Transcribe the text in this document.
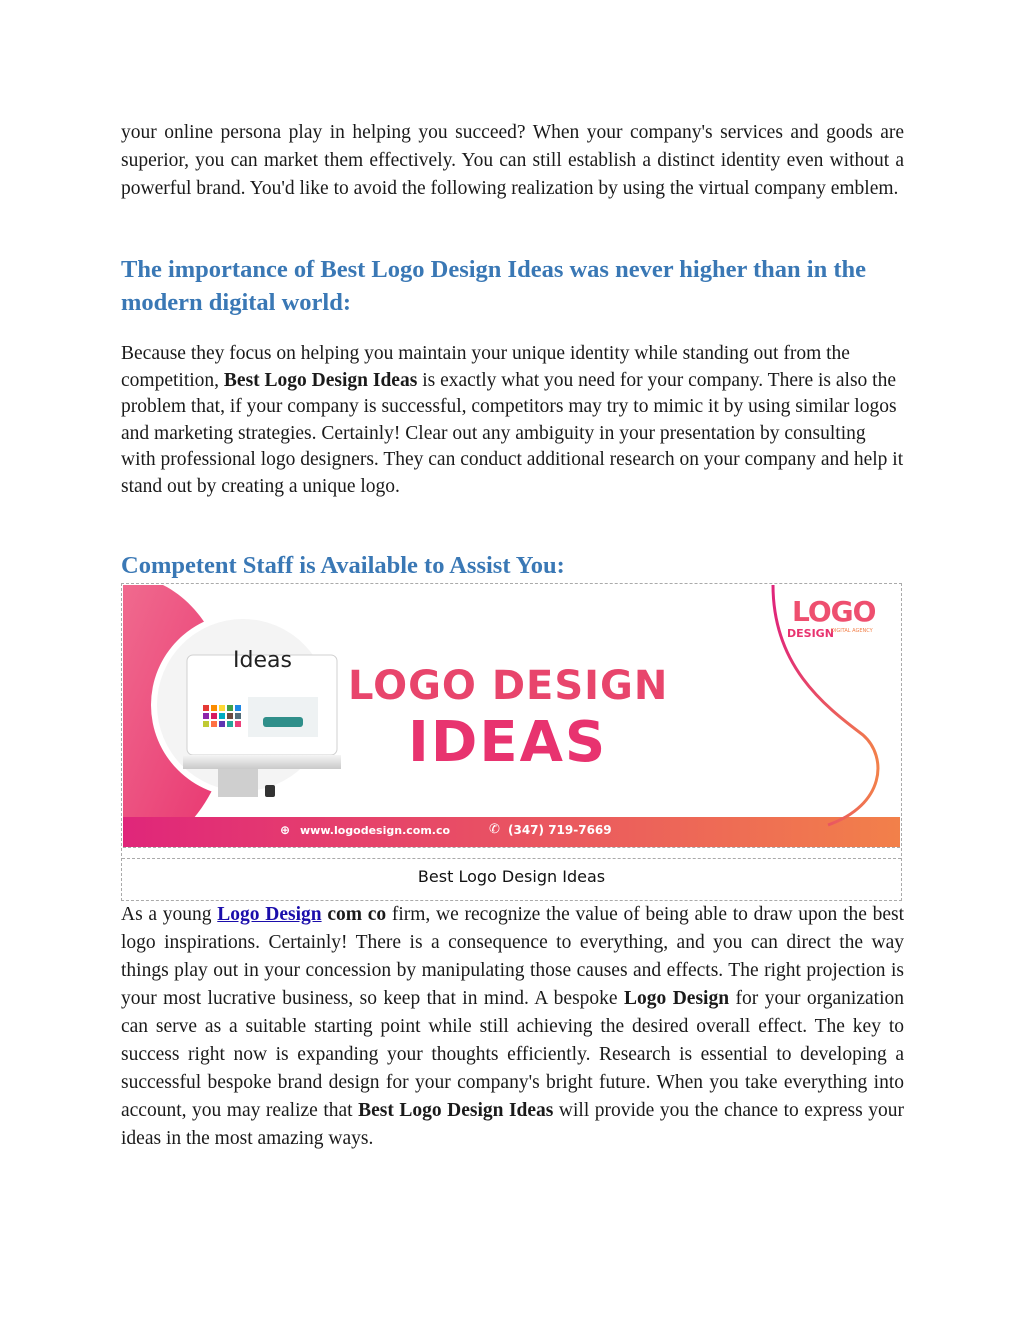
your online persona play in helping you succeed? When your company's services and goods are superior, you can market them effectively. You can still establish a distinct identity even without a powerful brand. You'd like to avoid the following realization by using the virtual company emblem.

The importance of Best Logo Design Ideas was never higher than in the modern digital world:

Because they focus on helping you maintain your unique identity while standing out from the competition, Best Logo Design Ideas is exactly what you need for your company. There is also the problem that, if your company is successful, competitors may try to mimic it by using similar logos and marketing strategies. Certainly! Clear out any ambiguity in your presentation by consulting with professional logo designers. They can conduct additional research on your company and help it stand out by creating a unique logo.

Competent Staff is Available to Assist You:
Ideas
LOGO DESIGN
IDEAS
LOGO
DESIGN
DIGITAL AGENCY
⊕ www.logodesign.com.co	✆ (347) 719-7669
Best Logo Design Ideas

As a young Logo Design com co firm, we recognize the value of being able to draw upon the best logo inspirations. Certainly! There is a consequence to everything, and you can direct the way things play out in your concession by manipulating those causes and effects. The right projection is your most lucrative business, so keep that in mind. A bespoke Logo Design for your organization can serve as a suitable starting point while still achieving the desired overall effect. The key to success right now is expanding your thoughts efficiently. Research is essential to developing a successful bespoke brand design for your company's bright future. When you take everything into account, you may realize that Best Logo Design Ideas will provide you the chance to express your ideas in the most amazing ways.
